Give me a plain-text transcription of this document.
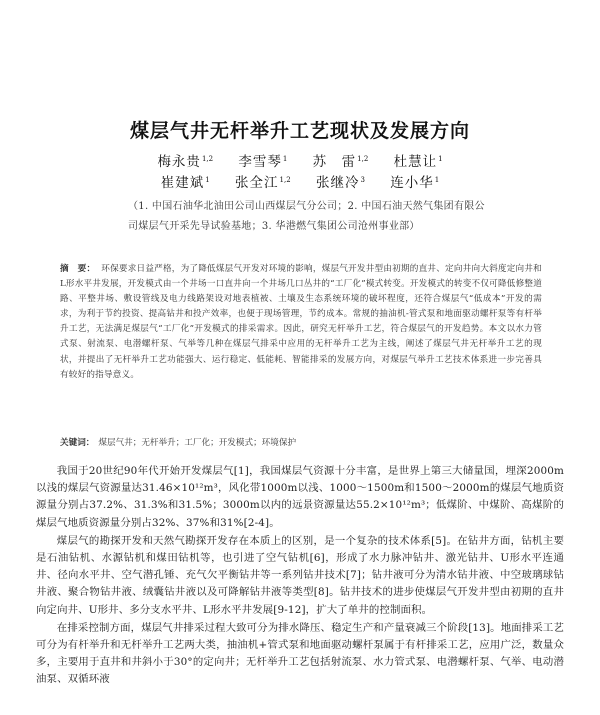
煤层气井无杆举升工艺现状及发展方向
梅永贵$^{1,2}$ 李雪琴$^1$ 苏　雷$^{1,2}$ 杜慧让$^1$
崔建斌$^1$ 张全江$^{1,2}$ 张继冷$^3$ 连小华$^1$
（1. 中国石油华北油田公司山西煤层气分公司；2. 中国石油天然气集团有限公司煤层气开采先导试验基地；3. 华港燃气集团公司沧州事业部）
摘　要： 环保要求日益严格，为了降低煤层气开发对环境的影响，煤层气开发井型由初期的直井、定向井向大斜度定向井和L形水平井发展，开发模式由一个井场一口直井向一个井场几口丛井的“工厂化”模式转变。开发模式的转变不仅可降低修整道路、平整井场、敷设管线及电力线路架设对地表植被、土壤及生态系统环境的破坏程度，还符合煤层气“低成本”开发的需求，为利于节约投资、提高钻井和投产效率，也便于现场管理，节约成本。常规的抽油机-管式泵和地面驱动螺杆泵等有杆举升工艺，无法满足煤层气“工厂化”开发模式的排采需求。因此，研究无杆举升工艺，符合煤层气的开发趋势。本文以水力管式泵、射流泵、电潜螺杆泵、气举等几种在煤层气排采中应用的无杆举升工艺为主线，阐述了煤层气井无杆举升工艺的现状，并提出了无杆举升工艺功能强大、运行稳定、低能耗、智能排采的发展方向，对煤层气举升工艺技术体系进一步完善具有较好的指导意义。
关键词： 煤层气井；无杆举升；工厂化；开发模式；环境保护

我国于20世纪90年代开始开发煤层气[1]，我国煤层气资源十分丰富，是世界上第三大储量国，埋深2000m以浅的煤层气资源量达31.46×10¹²m³，风化带1000m以浅、1000～1500m和1500～2000m的煤层气地质资源量分别占37.2%、31.3%和31.5%；3000m以内的远景资源量达55.2×10¹²m³；低煤阶、中煤阶、高煤阶的煤层气地质资源量分别占32%、37%和31%[2-4]。

煤层气的勘探开发和天然气勘探开发存在本质上的区别，是一个复杂的技术体系[5]。在钻井方面，钻机主要是石油钻机、水源钻机和煤田钻机等，也引进了空气钻机[6]，形成了水力脉冲钻井、激光钻井、U形水平连通井、径向水平井、空气潜孔锤、充气欠平衡钻井等一系列钻井技术[7]；钻井液可分为清水钻井液、中空玻璃球钻井液、聚合物钻井液、绒囊钻井液以及可降解钻井液等类型[8]。钻井技术的进步使煤层气开发井型由初期的直井向定向井、U形井、多分支水平井、L形水平井发展[9-12]，扩大了单井的控制面积。

在排采控制方面，煤层气井排采过程大致可分为排水降压、稳定生产和产量衰减三个阶段[13]。地面排采工艺可分为有杆举升和无杆举升工艺两大类，抽油机+管式泵和地面驱动螺杆泵属于有杆排采工艺，应用广泛，数量众多，主要用于直井和井斜小于30°的定向井；无杆举升工艺包括射流泵、水力管式泵、电潜螺杆泵、气举、电动潜油泵、双循环液
